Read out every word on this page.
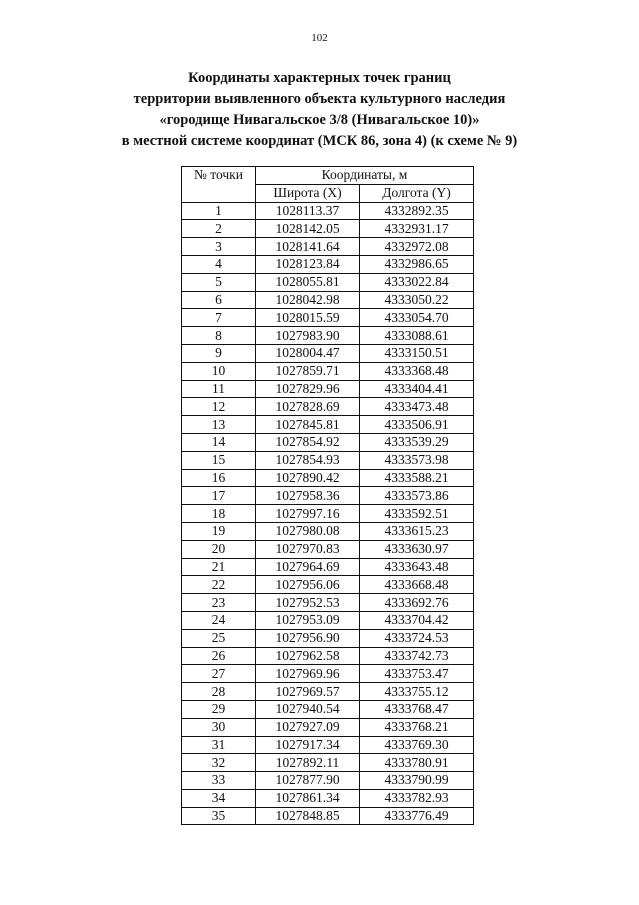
102
Координаты характерных точек границ
территории выявленного объекта культурного наследия
«городище Нивагальское 3/8 (Нивагальское 10)»
в местной системе координат (МСК 86, зона 4) (к схеме № 9)
№ точки	Координаты, м	
	Широта (X)	Долгота (Y)
1	1028113.37	4332892.35
2	1028142.05	4332931.17
3	1028141.64	4332972.08
4	1028123.84	4332986.65
5	1028055.81	4333022.84
6	1028042.98	4333050.22
7	1028015.59	4333054.70
8	1027983.90	4333088.61
9	1028004.47	4333150.51
10	1027859.71	4333368.48
11	1027829.96	4333404.41
12	1027828.69	4333473.48
13	1027845.81	4333506.91
14	1027854.92	4333539.29
15	1027854.93	4333573.98
16	1027890.42	4333588.21
17	1027958.36	4333573.86
18	1027997.16	4333592.51
19	1027980.08	4333615.23
20	1027970.83	4333630.97
21	1027964.69	4333643.48
22	1027956.06	4333668.48
23	1027952.53	4333692.76
24	1027953.09	4333704.42
25	1027956.90	4333724.53
26	1027962.58	4333742.73
27	1027969.96	4333753.47
28	1027969.57	4333755.12
29	1027940.54	4333768.47
30	1027927.09	4333768.21
31	1027917.34	4333769.30
32	1027892.11	4333780.91
33	1027877.90	4333790.99
34	1027861.34	4333782.93
35	1027848.85	4333776.49
